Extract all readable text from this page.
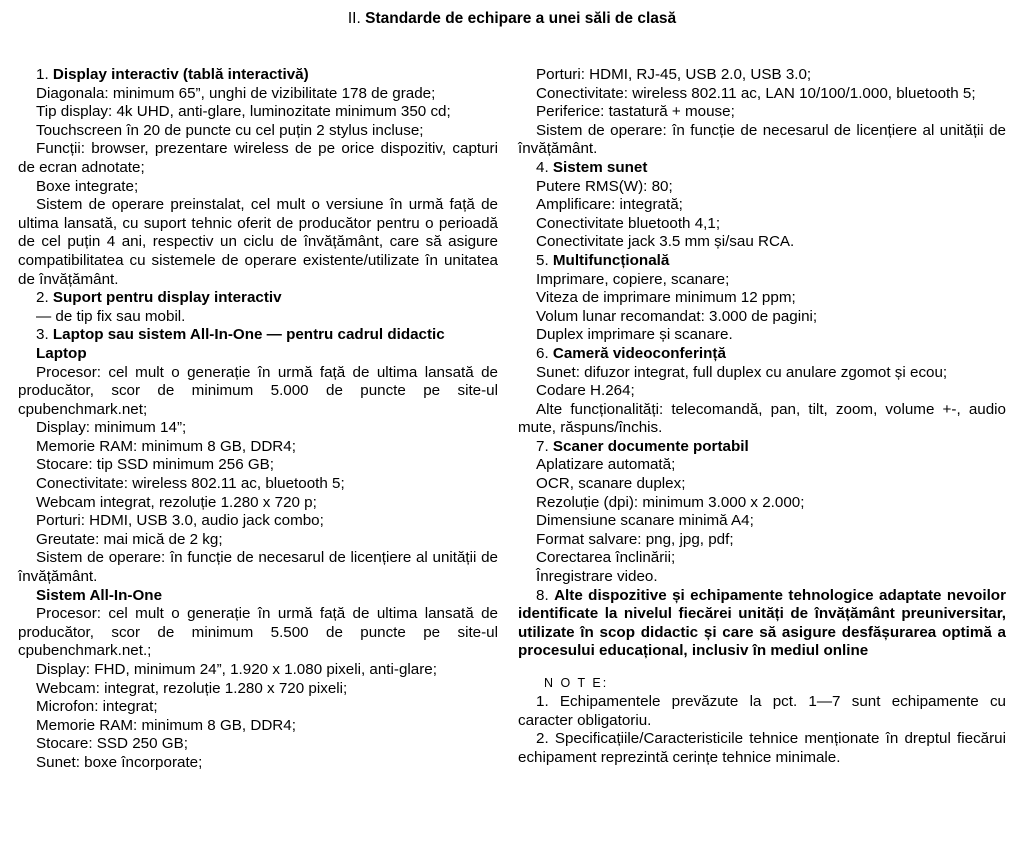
II. Standarde de echipare a unei săli de clasă
1. Display interactiv (tablă interactivă)
Diagonala: minimum 65”, unghi de vizibilitate 178 de grade;
Tip display: 4k UHD, anti-glare, luminozitate minimum 350 cd;
Touchscreen în 20 de puncte cu cel puțin 2 stylus incluse;
Funcții: browser, prezentare wireless de pe orice dispozitiv, capturi de ecran adnotate;
Boxe integrate;
Sistem de operare preinstalat, cel mult o versiune în urmă față de ultima lansată, cu suport tehnic oferit de producător pentru o perioadă de cel puțin 4 ani, respectiv un ciclu de învățământ, care să asigure compatibilitatea cu sistemele de operare existente/utilizate în unitatea de învățământ.
2. Suport pentru display interactiv
— de tip fix sau mobil.
3. Laptop sau sistem All-In-One — pentru cadrul didactic
Laptop
Procesor: cel mult o generație în urmă față de ultima lansată de producător, scor de minimum 5.000 de puncte pe site-ul cpubenchmark.net;
Display: minimum 14”;
Memorie RAM: minimum 8 GB, DDR4;
Stocare: tip SSD minimum 256 GB;
Conectivitate: wireless 802.11 ac, bluetooth 5;
Webcam integrat, rezoluție 1.280 x 720 p;
Porturi: HDMI, USB 3.0, audio jack combo;
Greutate: mai mică de 2 kg;
Sistem de operare: în funcție de necesarul de licențiere al unității de învățământ.
Sistem All-In-One
Procesor: cel mult o generație în urmă față de ultima lansată de producător, scor de minimum 5.500 de puncte pe site-ul cpubenchmark.net.;
Display: FHD, minimum 24”, 1.920 x 1.080 pixeli, anti-glare;
Webcam: integrat, rezoluție 1.280 x 720 pixeli;
Microfon: integrat;
Memorie RAM: minimum 8 GB, DDR4;
Stocare: SSD 250 GB;
Sunet: boxe încorporate;
Porturi: HDMI, RJ-45, USB 2.0, USB 3.0;
Conectivitate: wireless 802.11 ac, LAN 10/100/1.000, bluetooth 5;
Periferice: tastatură + mouse;
Sistem de operare: în funcție de necesarul de licențiere al unității de învățământ.
4. Sistem sunet
Putere RMS(W): 80;
Amplificare: integrată;
Conectivitate bluetooth 4,1;
Conectivitate jack 3.5 mm și/sau RCA.
5. Multifuncțională
Imprimare, copiere, scanare;
Viteza de imprimare minimum 12 ppm;
Volum lunar recomandat: 3.000 de pagini;
Duplex imprimare și scanare.
6. Cameră videoconferință
Sunet: difuzor integrat, full duplex cu anulare zgomot și ecou;
Codare H.264;
Alte funcționalități: telecomandă, pan, tilt, zoom, volume +-, audio mute, răspuns/închis.
7. Scaner documente portabil
Aplatizare automată;
OCR, scanare duplex;
Rezoluție (dpi): minimum 3.000 x 2.000;
Dimensiune scanare minimă A4;
Format salvare: png, jpg, pdf;
Corectarea înclinării;
Înregistrare video.
8. Alte dispozitive și echipamente tehnologice adaptate nevoilor identificate la nivelul fiecărei unități de învățământ preuniversitar, utilizate în scop didactic și care să asigure desfășurarea optimă a procesului educațional, inclusiv în mediul online
N O T E:
1. Echipamentele prevăzute la pct. 1—7 sunt echipamente cu caracter obligatoriu.
2. Specificațiile/Caracteristicile tehnice menționate în dreptul fiecărui echipament reprezintă cerințe tehnice minimale.
